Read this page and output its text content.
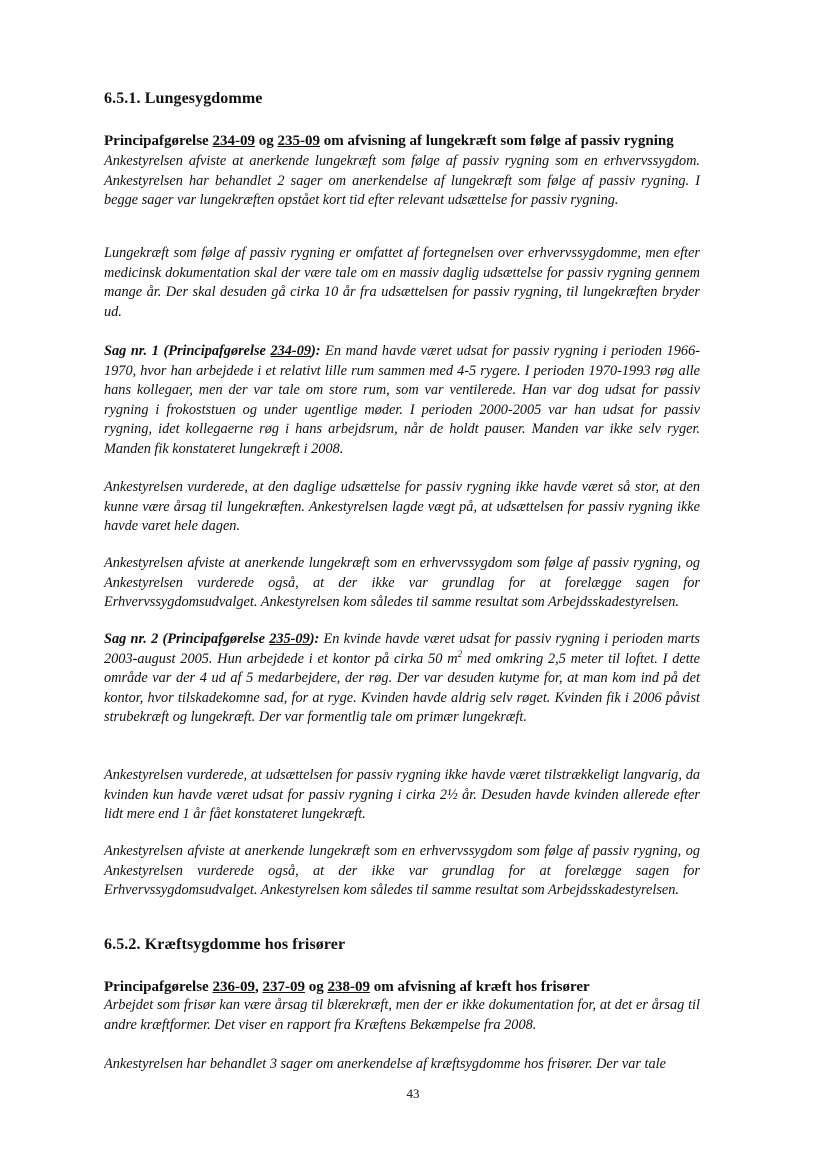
6.5.1. Lungesygdomme
Principafgørelse 234-09 og 235-09 om afvisning af lungekræft som følge af passiv rygning

Ankestyrelsen afviste at anerkende lungekræft som følge af passiv rygning som en erhvervssygdom. Ankestyrelsen har behandlet 2 sager om anerkendelse af lungekræft som følge af passiv rygning. I begge sager var lungekræften opstået kort tid efter relevant udsættelse for passiv rygning.

Lungekræft som følge af passiv rygning er omfattet af fortegnelsen over erhvervssygdomme, men efter medicinsk dokumentation skal der være tale om en massiv daglig udsættelse for passiv rygning gennem mange år. Der skal desuden gå cirka 10 år fra udsættelsen for passiv rygning, til lungekræften bryder ud.

Sag nr. 1 (Principafgørelse 234-09): En mand havde været udsat for passiv rygning i perioden 1966-1970, hvor han arbejdede i et relativt lille rum sammen med 4-5 rygere. I perioden 1970-1993 røg alle hans kollegaer, men der var tale om store rum, som var ventilerede. Han var dog udsat for passiv rygning i frokoststuen og under ugentlige møder. I perioden 2000-2005 var han udsat for passiv rygning, idet kollegaerne røg i hans arbejdsrum, når de holdt pauser. Manden var ikke selv ryger. Manden fik konstateret lungekræft i 2008.

Ankestyrelsen vurderede, at den daglige udsættelse for passiv rygning ikke havde været så stor, at den kunne være årsag til lungekræften. Ankestyrelsen lagde vægt på, at udsættelsen for passiv rygning ikke havde varet hele dagen.

Ankestyrelsen afviste at anerkende lungekræft som en erhvervssygdom som følge af passiv rygning, og Ankestyrelsen vurderede også, at der ikke var grundlag for at forelægge sagen for Erhvervssygdomsudvalget. Ankestyrelsen kom således til samme resultat som Arbejdsskadestyrelsen.

Sag nr. 2 (Principafgørelse 235-09): En kvinde havde været udsat for passiv rygning i perioden marts 2003-august 2005. Hun arbejdede i et kontor på cirka 50 $m^2$ med omkring 2,5 meter til loftet. I dette område var der 4 ud af 5 medarbejdere, der røg. Der var desuden kutyme for, at man kom ind på det kontor, hvor tilskadekomne sad, for at ryge. Kvinden havde aldrig selv røget. Kvinden fik i 2006 påvist strubekræft og lungekræft. Der var formentlig tale om primær lungekræft.

Ankestyrelsen vurderede, at udsættelsen for passiv rygning ikke havde været tilstrækkeligt langvarig, da kvinden kun havde været udsat for passiv rygning i cirka 2½ år. Desuden havde kvinden allerede efter lidt mere end 1 år fået konstateret lungekræft.

Ankestyrelsen afviste at anerkende lungekræft som en erhvervssygdom som følge af passiv rygning, og Ankestyrelsen vurderede også, at der ikke var grundlag for at forelægge sagen for Erhvervssygdomsudvalget. Ankestyrelsen kom således til samme resultat som Arbejdsskadestyrelsen.

6.5.2. Kræftsygdomme hos frisører
Principafgørelse 236-09, 237-09 og 238-09 om afvisning af kræft hos frisører

Arbejdet som frisør kan være årsag til blærekræft, men der er ikke dokumentation for, at det er årsag til andre kræftformer. Det viser en rapport fra Kræftens Bekæmpelse fra 2008.

Ankestyrelsen har behandlet 3 sager om anerkendelse af kræftsygdomme hos frisører. Der var tale

43
